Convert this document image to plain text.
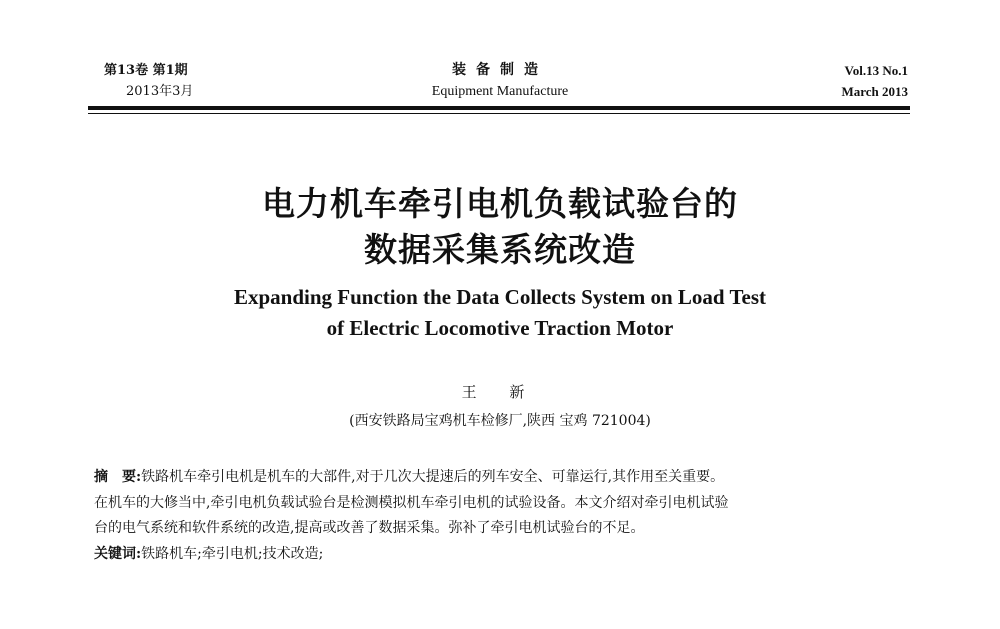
第13卷 第1期
2013年3月
装备制造
Equipment Manufacture
Vol.13 No.1
March 2013
电力机车牵引电机负载试验台的
数据采集系统改造
Expanding Function the Data Collects System on Load Test
of Electric Locomotive Traction Motor
王 新
(西安铁路局宝鸡机车检修厂,陕西 宝鸡 721004)
摘　要:铁路机车牵引电机是机车的大部件,对于几次大提速后的列车安全、可靠运行,其作用至关重要。
在机车的大修当中,牵引电机负载试验台是检测模拟机车牵引电机的试验设备。本文介绍对牵引电机试验
台的电气系统和软件系统的改造,提高或改善了数据采集。弥补了牵引电机试验台的不足。
关键词:铁路机车;牵引电机;技术改造;
